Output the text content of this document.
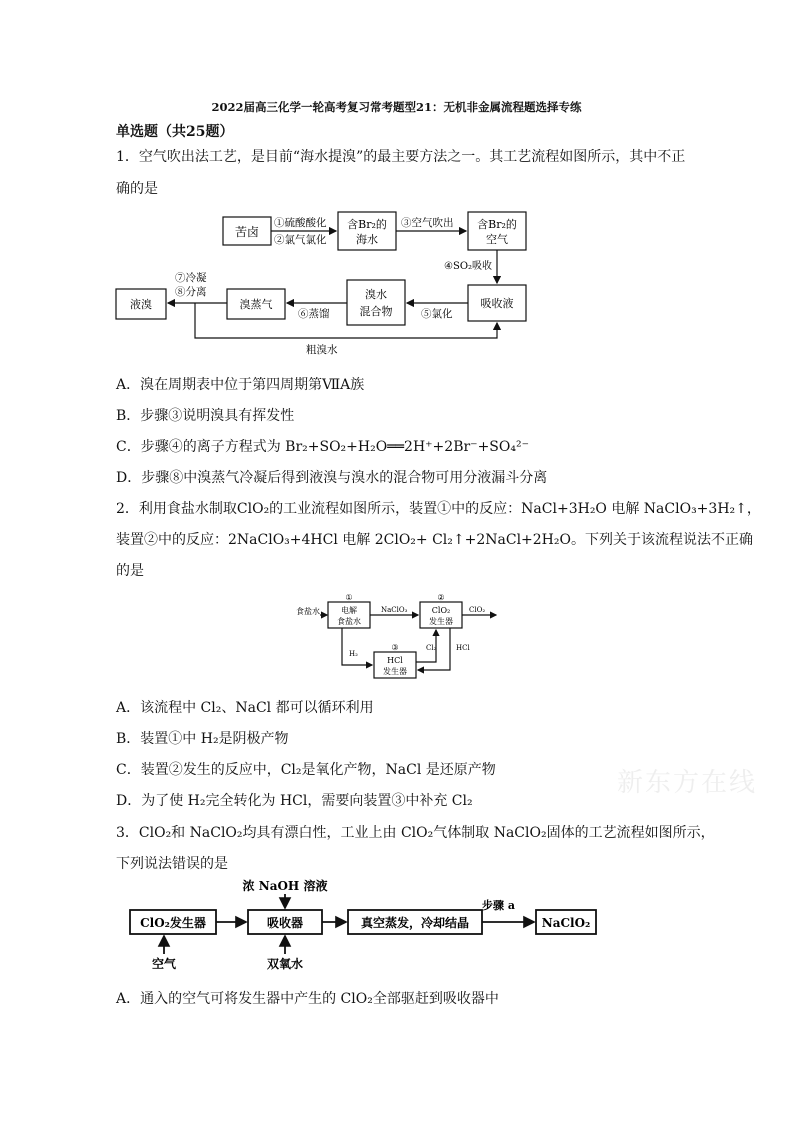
2022届高三化学一轮高考复习常考题型21：无机非金属流程题选择专练
单选题（共25题）
1．空气吹出法工艺，是目前“海水提溴”的最主要方法之一。其工艺流程如图所示，其中不正
确的是
苦卤
含Br₂的
海水
含Br₂的
空气
吸收液
溴水
混合物
溴蒸气
液溴
①硫酸酸化
②氯气氯化
③空气吹出
④SO₂吸收
⑤氯化
⑥蒸馏
⑦冷凝
⑧分离
粗溴水
A．溴在周期表中位于第四周期第ⅦA族
B．步骤③说明溴具有挥发性
C．步骤④的离子方程式为 Br₂+SO₂+H₂O══2H⁺+2Br⁻+SO₄²⁻
D．步骤⑧中溴蒸气冷凝后得到液溴与溴水的混合物可用分液漏斗分离
2．利用食盐水制取ClO₂的工业流程如图所示，装置①中的反应：NaCl+3H₂O 电解 NaClO₃+3H₂↑，
装置②中的反应：2NaClO₃+4HCl 电解 2ClO₂+ Cl₂↑+2NaCl+2H₂O。下列关于该流程说法不正确
的是
食盐水
①
电解
食盐水
NaClO₃
②
ClO₂
发生器
ClO₂
H₂
Cl₂	HCl
③
HCl
发生器
A．该流程中 Cl₂、NaCl 都可以循环利用
B．装置①中 H₂是阴极产物
C．装置②发生的反应中，Cl₂是氧化产物，NaCl 是还原产物
D．为了使 H₂完全转化为 HCl，需要向装置③中补充 Cl₂
新东方在线
3．ClO₂和 NaClO₂均具有漂白性，工业上由 ClO₂气体制取 NaClO₂固体的工艺流程如图所示，
下列说法错误的是
ClO₂发生器	吸收器	真空蒸发，冷却结晶	NaClO₂
浓 NaOH 溶液
步骤 a
空气	双氧水
A．通入的空气可将发生器中产生的 ClO₂全部驱赶到吸收器中
